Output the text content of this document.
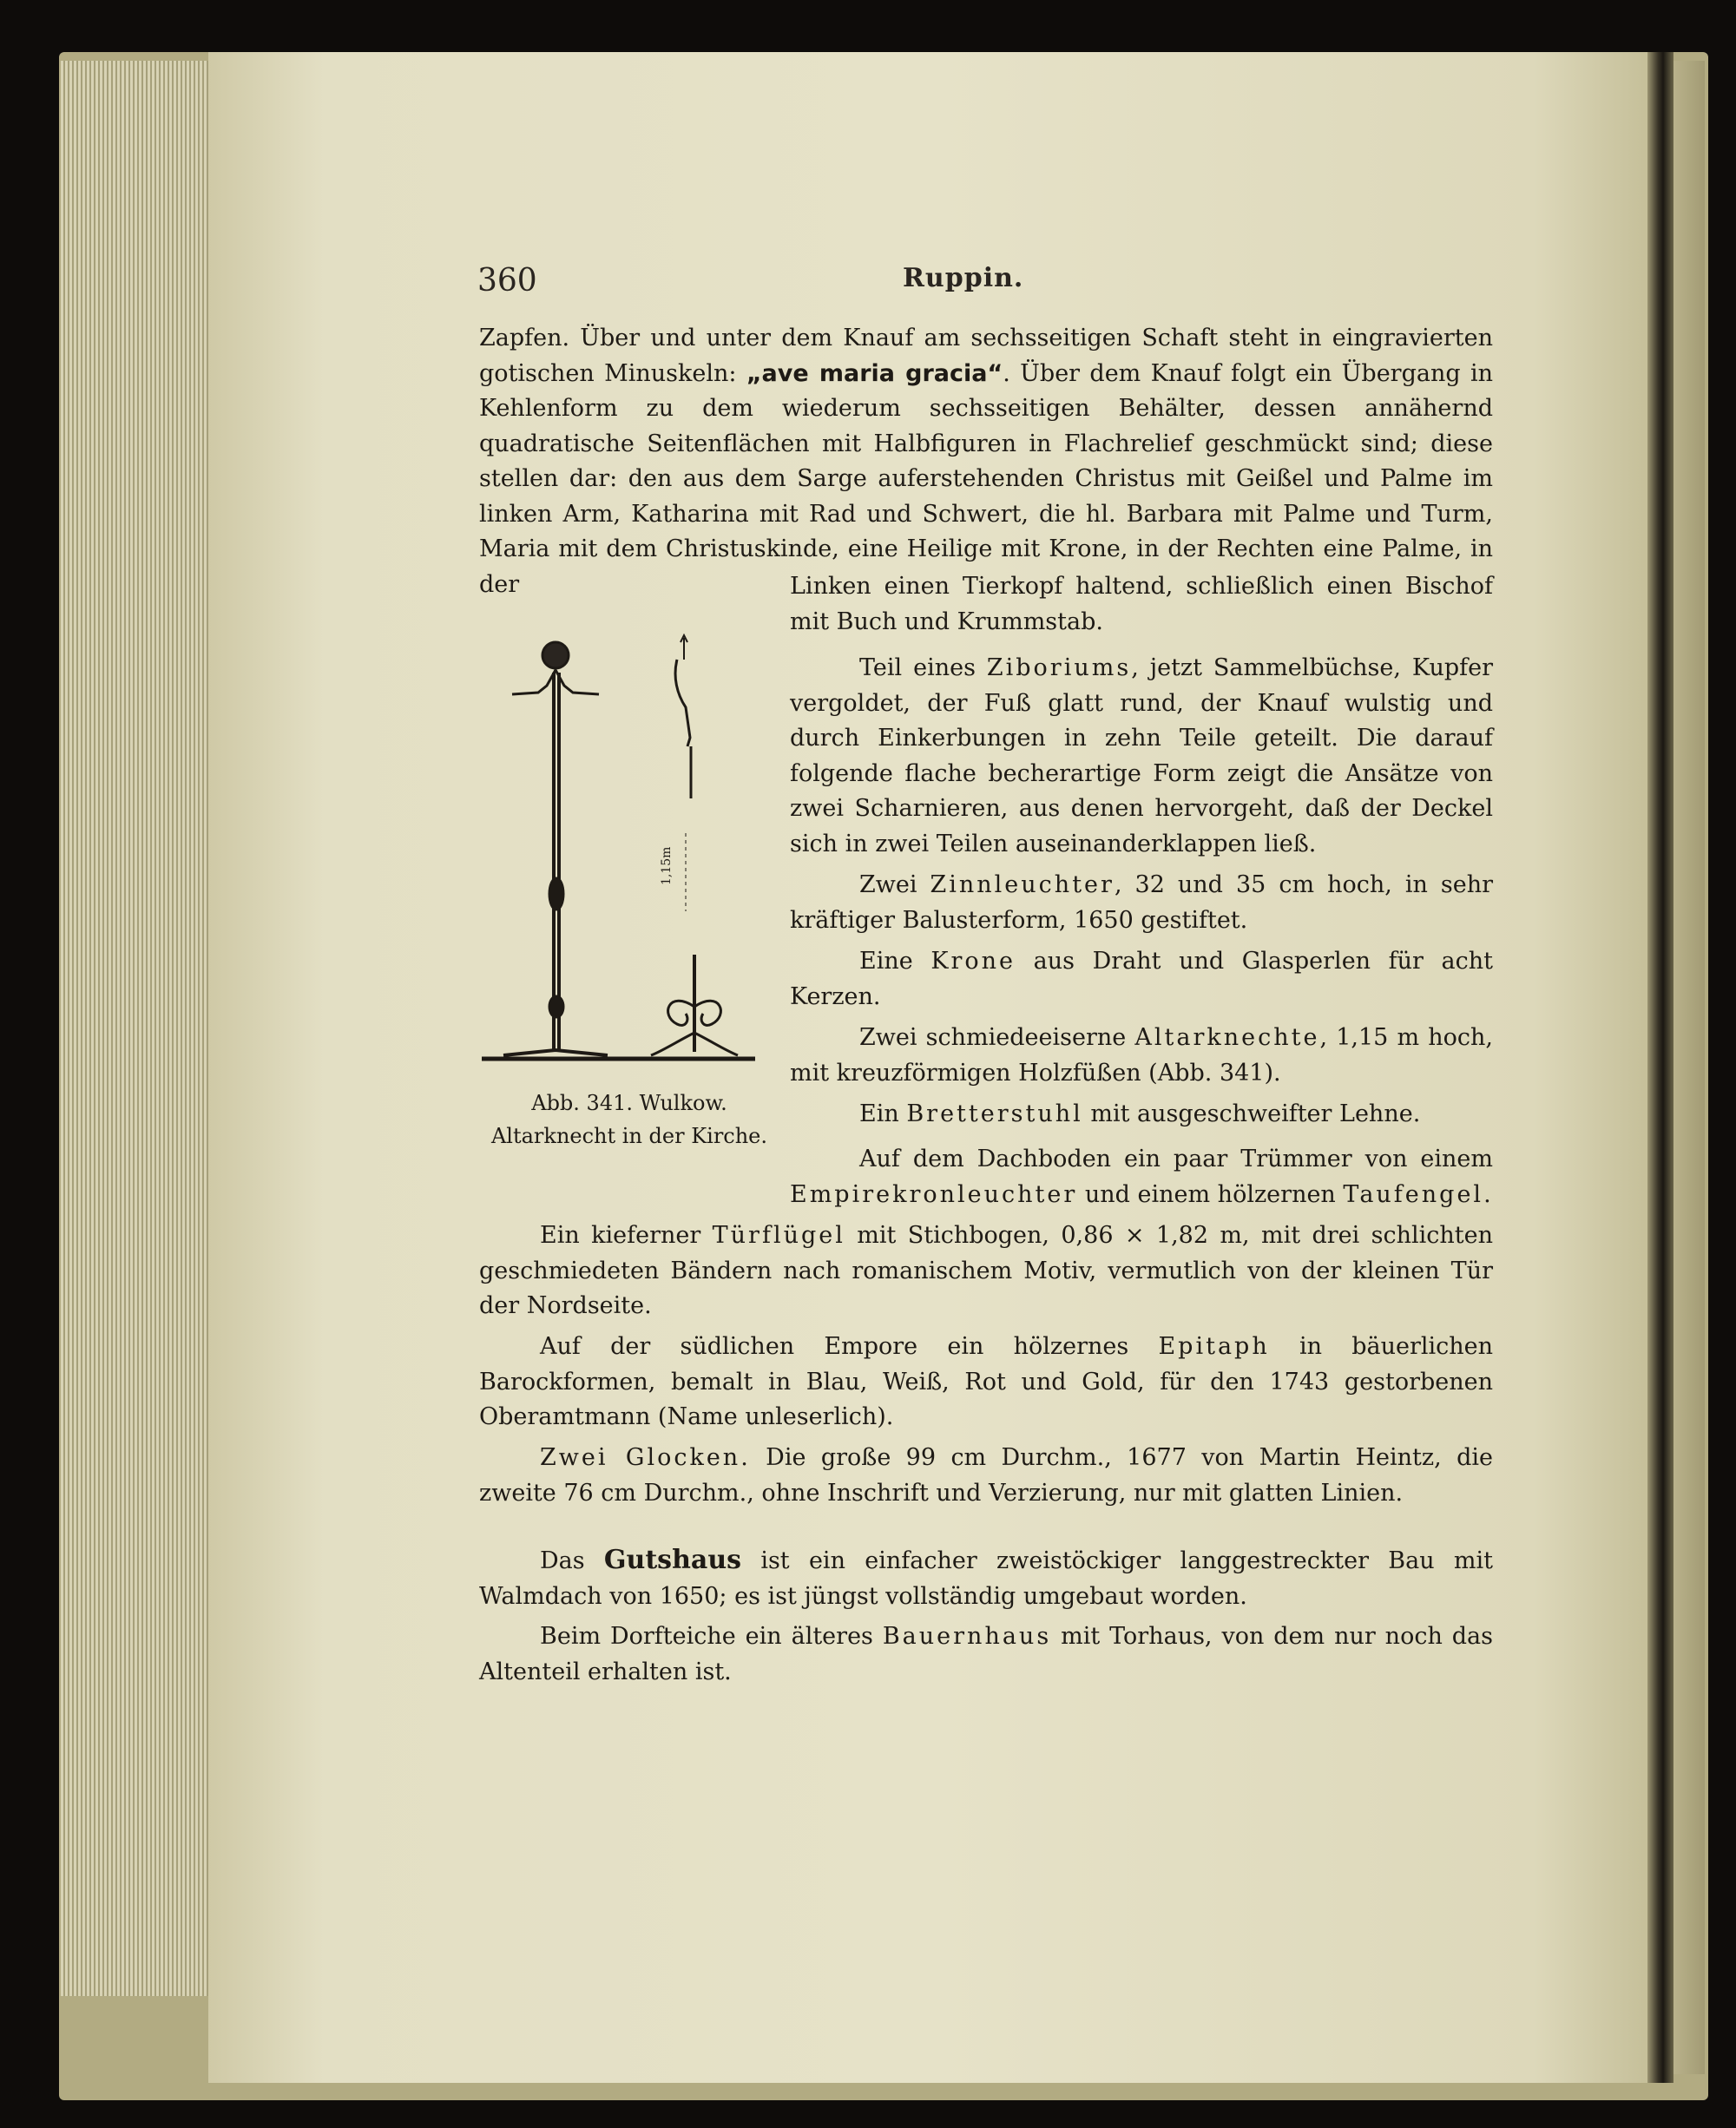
360	Ruppin.

Zapfen. Über und unter dem Knauf am sechsseitigen Schaft steht in eingravierten gotischen Minuskeln: „ave maria gracia“. Über dem Knauf folgt ein Übergang in Kehlenform zu dem wiederum sechsseitigen Behälter, dessen annähernd quadratische Seitenflächen mit Halbfiguren in Flachrelief geschmückt sind; diese stellen dar: den aus dem Sarge auferstehenden Christus mit Geißel und Palme im linken Arm, Katharina mit Rad und Schwert, die hl. Barbara mit Palme und Turm, Maria mit dem Christuskinde, eine Heilige mit Krone, in der Rechten eine Palme, in der	Linken einen Tierkopf haltend, schließlich einen Bischof mit Buch und Krummstab.

Teil eines Ziboriums, jetzt Sammelbüchse, Kupfer vergoldet, der Fuß glatt rund, der Knauf wulstig und durch Einkerbungen in zehn Teile geteilt. Die darauf folgende flache becherartige Form zeigt die Ansätze von zwei Scharnieren, aus denen hervorgeht, daß der Deckel sich in zwei Teilen auseinanderklappen ließ.

Zwei Zinnleuchter, 32 und 35 cm hoch, in sehr kräftiger Balusterform, 1650 gestiftet.

Eine Krone aus Draht und Glasperlen für acht Kerzen.

Zwei schmiedeeiserne Altarknechte, 1,15 m hoch, mit kreuzförmigen Holzfüßen (Abb. 341).

Ein Bretterstuhl mit ausgeschweifter Lehne.

Auf dem Dachboden ein paar Trümmer von einem Empirekronleuchter und einem hölzernen Taufengel.

Ein kieferner Türflügel mit Stichbogen, 0,86 × 1,82 m, mit drei schlichten geschmiedeten Bändern nach romanischem Motiv, vermutlich von der kleinen Tür der Nordseite.

Auf der südlichen Empore ein hölzernes Epitaph in bäuerlichen Barockformen, bemalt in Blau, Weiß, Rot und Gold, für den 1743 gestorbenen Oberamtmann (Name unleserlich).

Zwei Glocken. Die große 99 cm Durchm., 1677 von Martin Heintz, die zweite 76 cm Durchm., ohne Inschrift und Verzierung, nur mit glatten Linien.

Das Gutshaus ist ein einfacher zweistöckiger langgestreckter Bau mit Walmdach von 1650; es ist jüngst vollständig umgebaut worden.

Beim Dorfteiche ein älteres Bauernhaus mit Torhaus, von dem nur noch das Altenteil erhalten ist.

1,15m

Abb. 341. Wulkow.

Altarknecht in der Kirche.
